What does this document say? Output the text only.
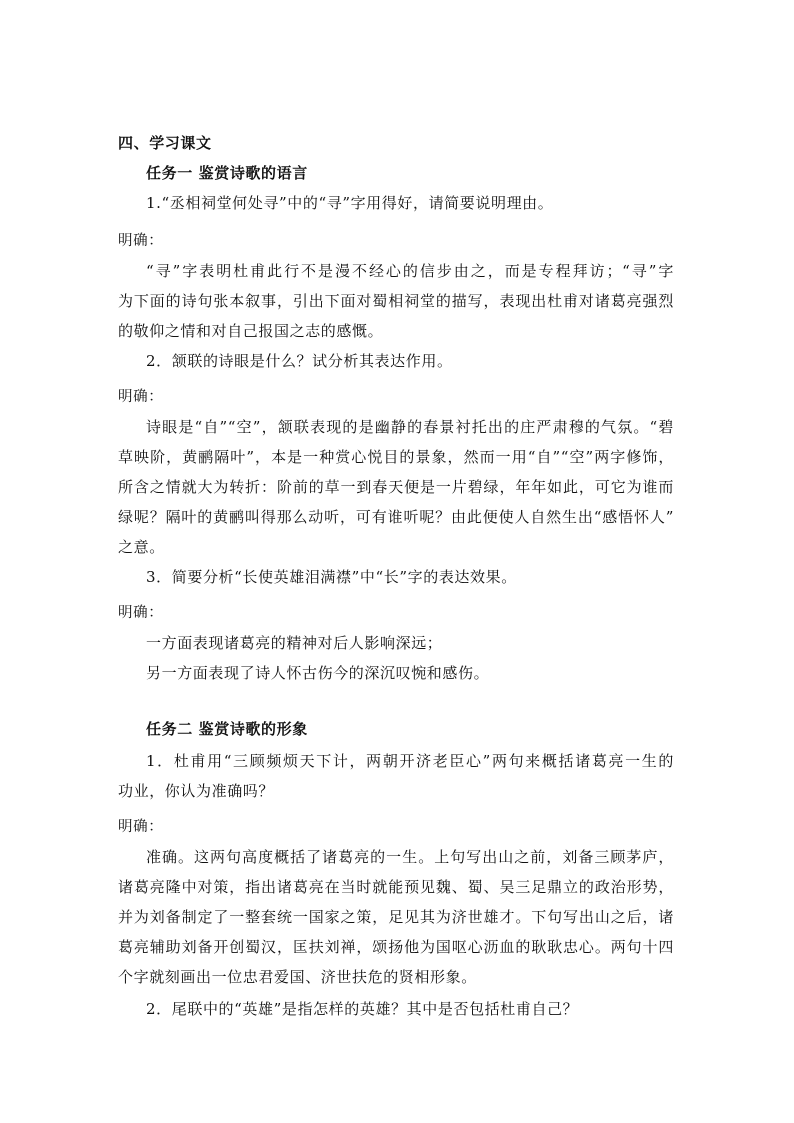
四、学习课文
任务一 鉴赏诗歌的语言
1.“丞相祠堂何处寻”中的“寻”字用得好，请简要说明理由。
明确：
“寻”字表明杜甫此行不是漫不经心的信步由之，而是专程拜访；“寻”字
为下面的诗句张本叙事，引出下面对蜀相祠堂的描写，表现出杜甫对诸葛亮强烈
的敬仰之情和对自己报国之志的感慨。
2．颔联的诗眼是什么？试分析其表达作用。
明确：
诗眼是“自”“空”，颔联表现的是幽静的春景衬托出的庄严肃穆的气氛。“碧
草映阶，黄鹂隔叶”，本是一种赏心悦目的景象，然而一用“自”“空”两字修饰，
所含之情就大为转折：阶前的草一到春天便是一片碧绿，年年如此，可它为谁而
绿呢？隔叶的黄鹂叫得那么动听，可有谁听呢？由此便使人自然生出“感悟怀人”
之意。
3．简要分析“长使英雄泪满襟”中“长”字的表达效果。
明确：
一方面表现诸葛亮的精神对后人影响深远；
另一方面表现了诗人怀古伤今的深沉叹惋和感伤。
任务二 鉴赏诗歌的形象
1．杜甫用“三顾频烦天下计，两朝开济老臣心”两句来概括诸葛亮一生的
功业，你认为准确吗？
明确：
准确。这两句高度概括了诸葛亮的一生。上句写出山之前，刘备三顾茅庐，
诸葛亮隆中对策，指出诸葛亮在当时就能预见魏、蜀、吴三足鼎立的政治形势，
并为刘备制定了一整套统一国家之策，足见其为济世雄才。下句写出山之后，诸
葛亮辅助刘备开创蜀汉，匡扶刘禅，颂扬他为国呕心沥血的耿耿忠心。两句十四
个字就刻画出一位忠君爱国、济世扶危的贤相形象。
2．尾联中的“英雄”是指怎样的英雄？其中是否包括杜甫自己？
